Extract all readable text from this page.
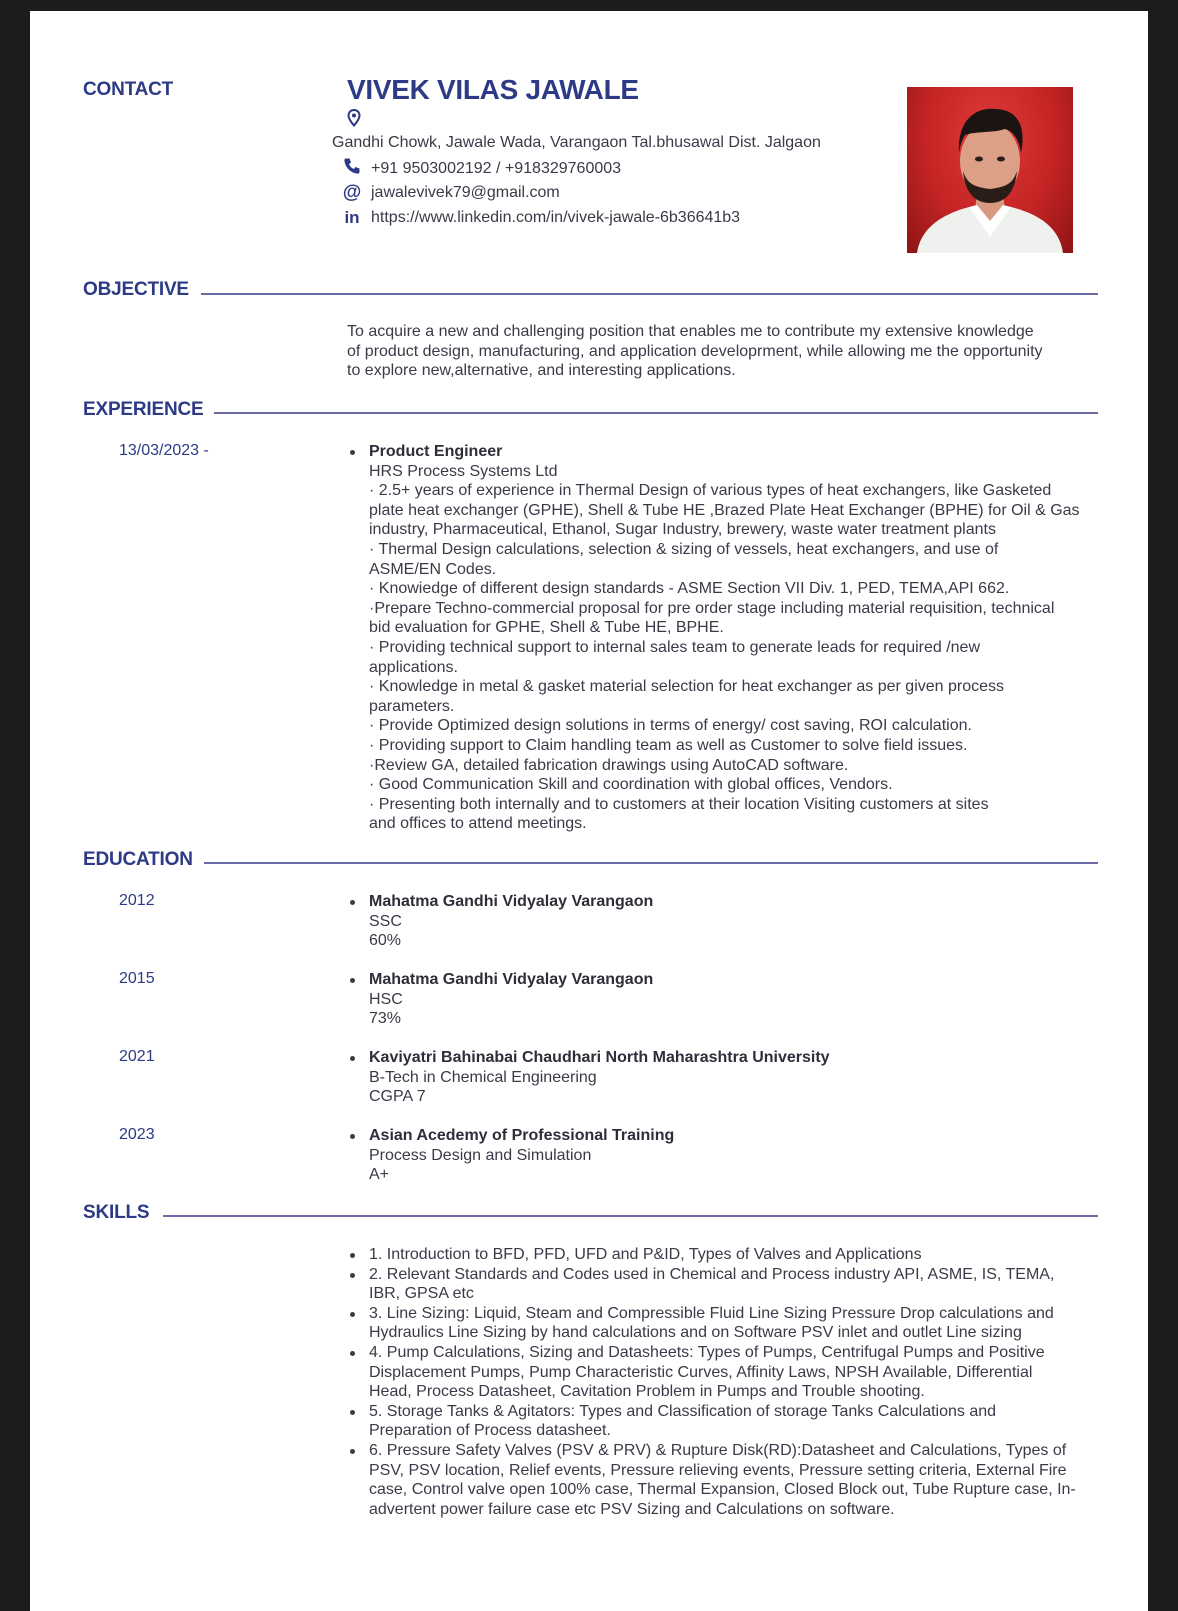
CONTACT	VIVEK VILAS JAWALE
Gandhi Chowk, Jawale Wada, Varangaon Tal.bhusawal Dist. Jalgaon
+91 9503002192 / +918329760003
@ jawalevivek79@gmail.com
in https://www.linkedin.com/in/vivek-jawale-6b36641b3
OBJECTIVE
To acquire a new and challenging position that enables me to contribute my extensive knowledge
of product design, manufacturing, and application developrment, while allowing me the opportunity
to explore new,alternative, and interesting applications.
EXPERIENCE
13/03/2023 -	Product Engineer
HRS Process Systems Ltd
· 2.5+ years of experience in Thermal Design of various types of heat exchangers, like Gasketed
plate heat exchanger (GPHE), Shell & Tube HE ,Brazed Plate Heat Exchanger (BPHE) for Oil & Gas
industry, Pharmaceutical, Ethanol, Sugar Industry, brewery, waste water treatment plants
· Thermal Design calculations, selection & sizing of vessels, heat exchangers, and use of
ASME/EN Codes.
· Knowiedge of different design standards - ASME Section VII Div. 1, PED, TEMA,API 662.
·Prepare Techno-commercial proposal for pre order stage including material requisition, technical
bid evaluation for GPHE, Shell & Tube HE, BPHE.
· Providing technical support to internal sales team to generate leads for required /new
applications.
· Knowledge in metal & gasket material selection for heat exchanger as per given process
parameters.
· Provide Optimized design solutions in terms of energy/ cost saving, ROI calculation.
· Providing support to Claim handling team as well as Customer to solve field issues.
·Review GA, detailed fabrication drawings using AutoCAD software.
· Good Communication Skill and coordination with global offices, Vendors.
· Presenting both internally and to customers at their location Visiting customers at sites
and offices to attend meetings.
EDUCATION
2012	Mahatma Gandhi Vidyalay Varangaon
SSC
60%
2015	Mahatma Gandhi Vidyalay Varangaon
HSC
73%
2021	Kaviyatri Bahinabai Chaudhari North Maharashtra University
B-Tech in Chemical Engineering
CGPA 7
2023	Asian Acedemy of Professional Training
Process Design and Simulation
A+
SKILLS
1. Introduction to BFD, PFD, UFD and P&ID, Types of Valves and Applications
2. Relevant Standards and Codes used in Chemical and Process industry API, ASME, IS, TEMA,
IBR, GPSA etc
3. Line Sizing: Liquid, Steam and Compressible Fluid Line Sizing Pressure Drop calculations and
Hydraulics Line Sizing by hand calculations and on Software PSV inlet and outlet Line sizing
4. Pump Calculations, Sizing and Datasheets: Types of Pumps, Centrifugal Pumps and Positive
Displacement Pumps, Pump Characteristic Curves, Affinity Laws, NPSH Available, Differential
Head, Process Datasheet, Cavitation Problem in Pumps and Trouble shooting.
5. Storage Tanks & Agitators: Types and Classification of storage Tanks Calculations and
Preparation of Process datasheet.
6. Pressure Safety Valves (PSV & PRV) & Rupture Disk(RD):Datasheet and Calculations, Types of
PSV, PSV location, Relief events, Pressure relieving events, Pressure setting criteria, External Fire
case, Control valve open 100% case, Thermal Expansion, Closed Block out, Tube Rupture case, In-
advertent power failure case etc PSV Sizing and Calculations on software.
